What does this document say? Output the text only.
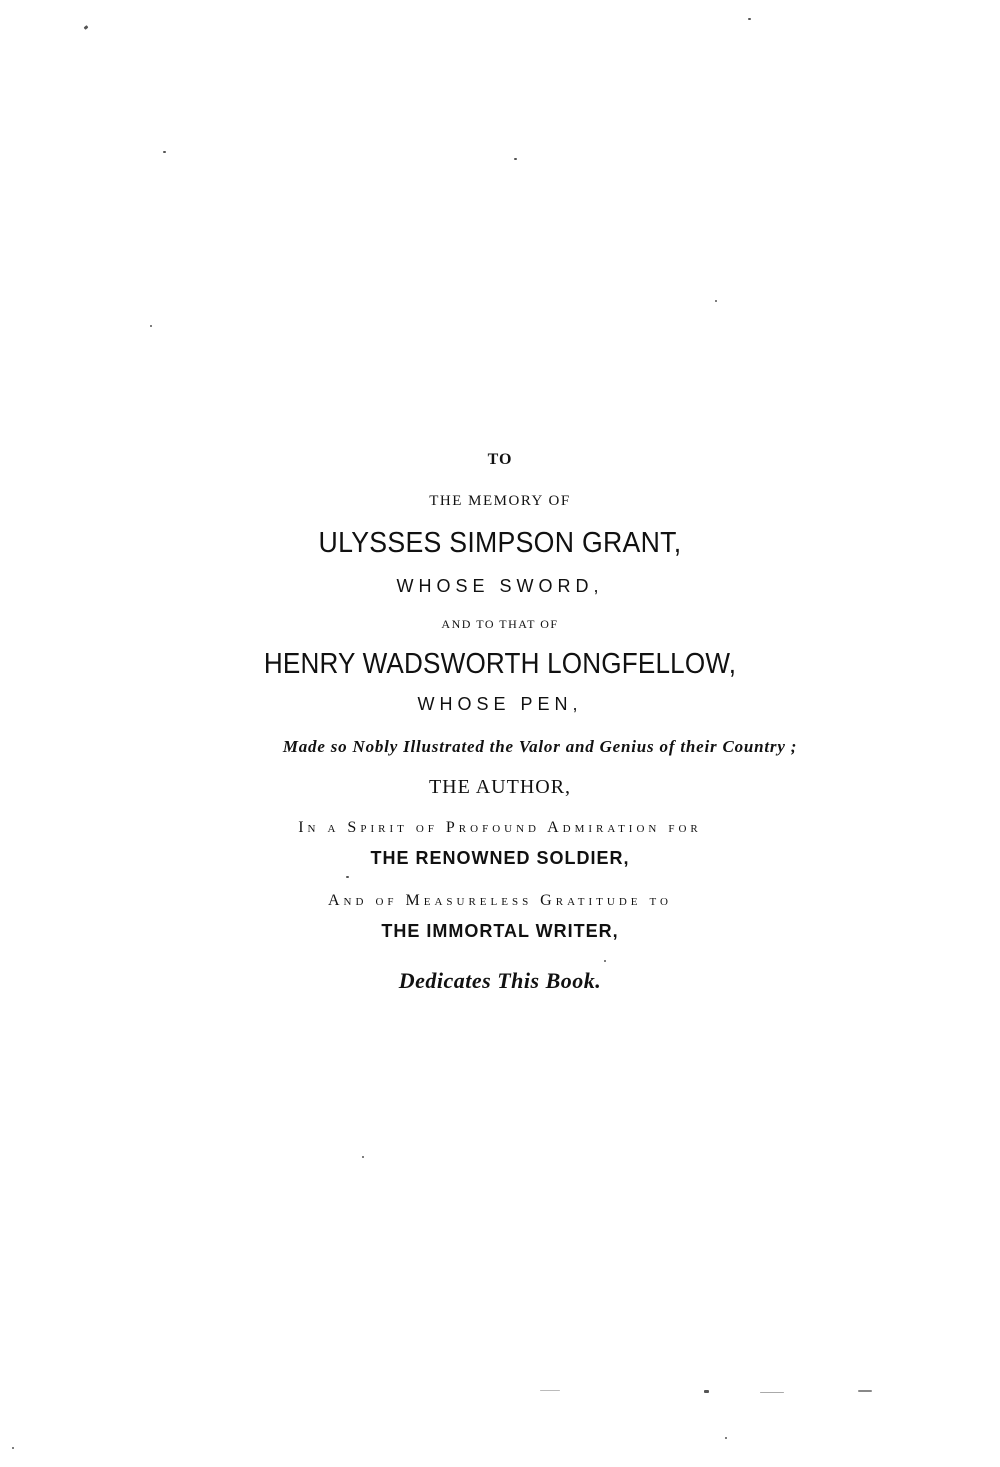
TO
THE MEMORY OF
ULYSSES SIMPSON GRANT,
WHOSE SWORD,
AND TO THAT OF
HENRY WADSWORTH LONGFELLOW,
WHOSE PEN,
Made so Nobly Illustrated the Valor and Genius of their Country ;
THE AUTHOR,
In a Spirit of Profound Admiration for
THE RENOWNED SOLDIER,
And of Measureless Gratitude to
THE IMMORTAL WRITER,
Dedicates This Book.
